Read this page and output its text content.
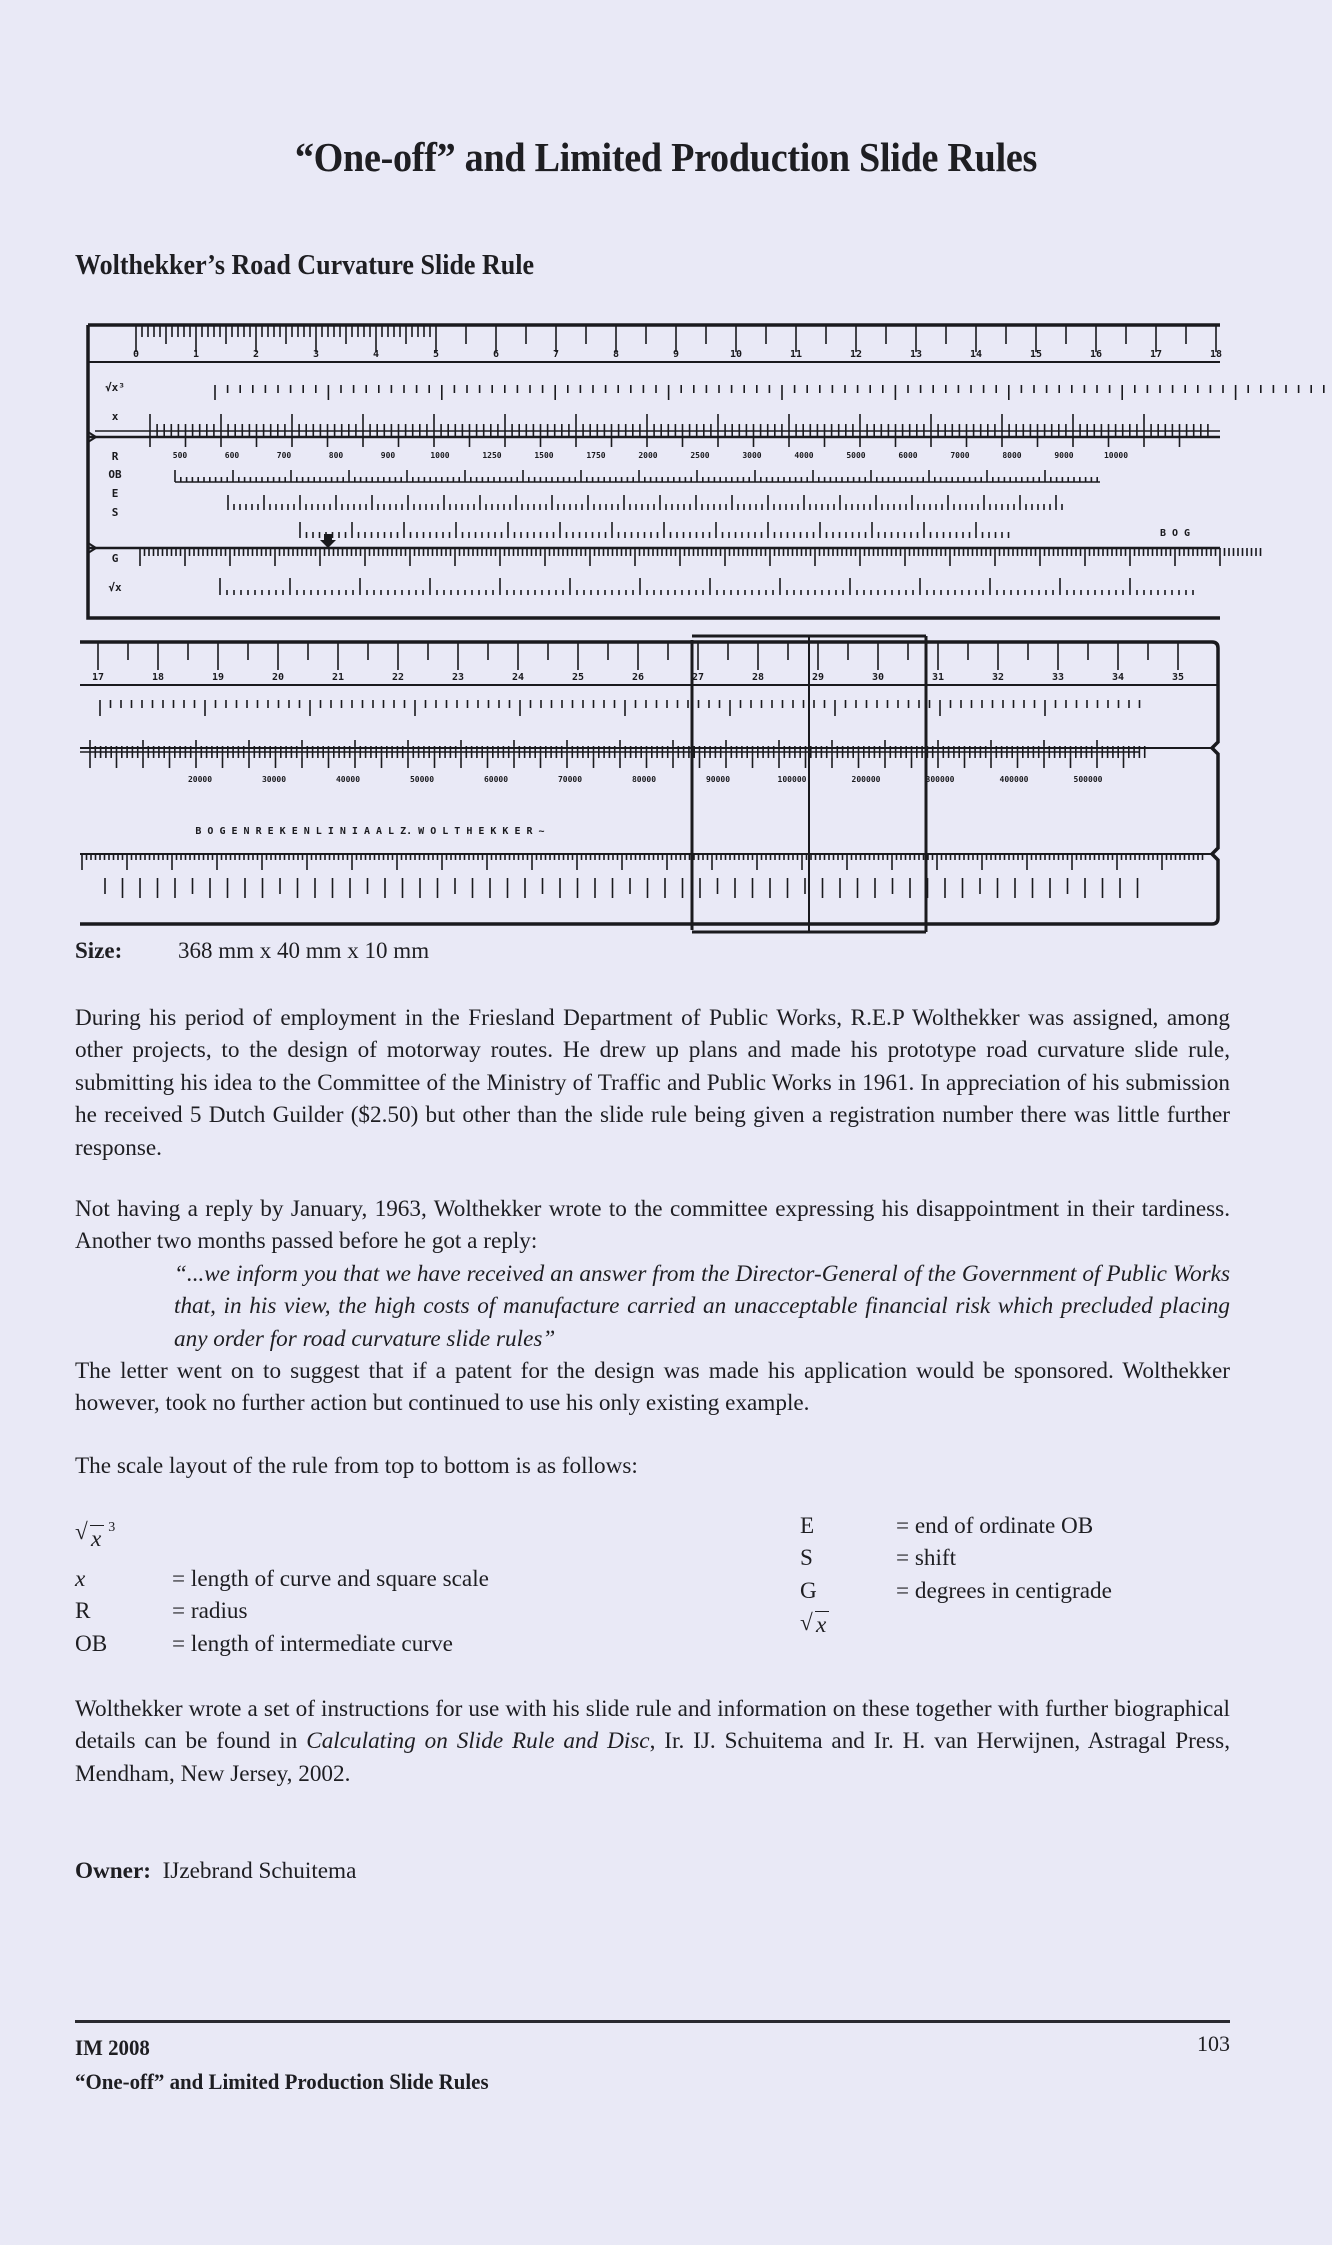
“One-off” and Limited Production Slide Rules
Wolthekker’s Road Curvature Slide Rule
0	1	2	3	4	5	6	7	8	9	10	11	12	13	14	15	16	17	18
√x³
x
R
OB
E
S
G
√x
500	600	700	800	900	1000	1250	1500	1750	2000	2500	3000	4000	5000	6000	7000	8000	9000	10000
B O G
17	18	19	20	21	22	23	24	25	26	27	28	29	30	31	32	33	34	35
20000	30000	40000	50000	60000	70000	80000	90000	100000	200000	300000	400000	500000
B O G E N R E K E N L I N I A A L Z. W O L T H E K K E R ~
Size: 368 mm x 40 mm x 10 mm

During his period of employment in the Friesland Department of Public Works, R.E.P Wolthekker was assigned, among other projects, to the design of motorway routes. He drew up plans and made his prototype road curvature slide rule, submitting his idea to the Committee of the Ministry of Traffic and Public Works in 1961. In appreciation of his submission he received 5 Dutch Guilder ($2.50) but other than the slide rule being given a registration number there was little further response.

Not having a reply by January, 1963, Wolthekker wrote to the committee expressing his disappointment in their tardiness. Another two months passed before he got a reply:

“...we inform you that we have received an answer from the Director-General of the Government of Public Works that, in his view, the high costs of manufacture carried an unacceptable financial risk which precluded placing any order for road curvature slide rules”

The letter went on to suggest that if a patent for the design was made his application would be sponsored. Wolthekker however, took no further action but continued to use his only existing example.

The scale layout of the rule from top to bottom is as follows:

√ x $^3$
x	= length of curve and square scale
R	= radius
OB	= length of intermediate curve
E	= end of ordinate OB
S	= shift
G	= degrees in centigrade
√ x

Wolthekker wrote a set of instructions for use with his slide rule and information on these together with further biographical details can be found in Calculating on Slide Rule and Disc, Ir. IJ. Schuitema and Ir. H. van Herwijnen, Astragal Press, Mendham, New Jersey, 2002.

Owner: IJzebrand Schuitema

IM 2008
“One-off” and Limited Production Slide Rules
103
